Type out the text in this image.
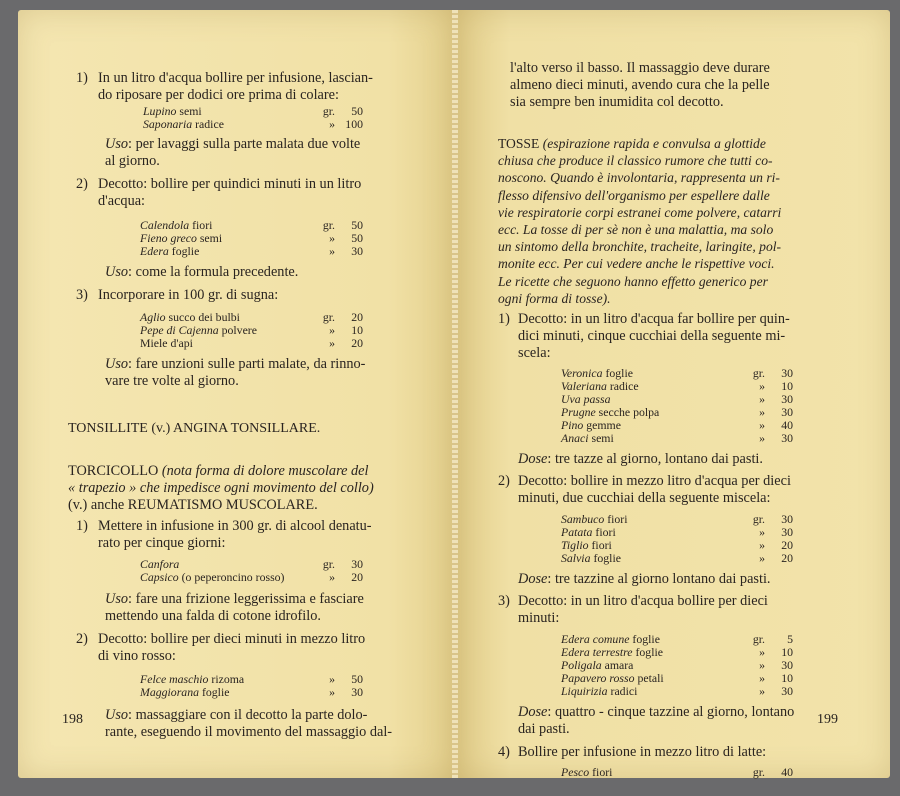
1) In un litro d'acqua bollire per infusione, lascian-

do riposare per dodici ore prima di colare:

Lupino semi	gr. 50
Saponaria radice	» 100

Uso: per lavaggi sulla parte malata due volte

al giorno.

2) Decotto: bollire per quindici minuti in un litro

d'acqua:

Calendola fiori	gr. 50
Fieno greco semi	» 50
Edera foglie	» 30

Uso: come la formula precedente.

3) Incorporare in 100 gr. di sugna:

Aglio succo dei bulbi	gr. 20
Pepe di Cajenna polvere	» 10
Miele d'api	» 20

Uso: fare unzioni sulle parti malate, da rinno-

vare tre volte al giorno.

TONSILLITE (v.) ANGINA TONSILLARE.

TORCICOLLO (nota forma di dolore muscolare del

« trapezio » che impedisce ogni movimento del collo)

(v.) anche REUMATISMO MUSCOLARE.

1) Mettere in infusione in 300 gr. di alcool denatu-

rato per cinque giorni:

Canfora	gr. 30
Capsico (o peperoncino rosso)	» 20

Uso: fare una frizione leggerissima e fasciare

mettendo una falda di cotone idrofilo.

2) Decotto: bollire per dieci minuti in mezzo litro

di vino rosso:

Felce maschio rizoma	» 50
Maggiorana foglie	» 30

Uso: massaggiare con il decotto la parte dolo-

rante, eseguendo il movimento del massaggio dal-

198

l'alto verso il basso. Il massaggio deve durare

almeno dieci minuti, avendo cura che la pelle

sia sempre ben inumidita col decotto.

TOSSE (espirazione rapida e convulsa a glottide

chiusa che produce il classico rumore che tutti co-

noscono. Quando è involontaria, rappresenta un ri-

flesso difensivo dell'organismo per espellere dalle

vie respiratorie corpi estranei come polvere, catarri

ecc. La tosse di per sè non è una malattia, ma solo

un sintomo della bronchite, tracheite, laringite, pol-

monite ecc. Per cui vedere anche le rispettive voci.

Le ricette che seguono hanno effetto generico per

ogni forma di tosse).

1) Decotto: in un litro d'acqua far bollire per quin-

dici minuti, cinque cucchiai della seguente mi-

scela:

Veronica foglie	gr. 30
Valeriana radice	» 10
Uva passa	» 30
Prugne secche polpa	» 30
Pino gemme	» 40
Anaci semi	» 30

Dose: tre tazze al giorno, lontano dai pasti.

2) Decotto: bollire in mezzo litro d'acqua per dieci

minuti, due cucchiai della seguente miscela:

Sambuco fiori	gr. 30
Patata fiori	» 30
Tiglio fiori	» 20
Salvia foglie	» 20

Dose: tre tazzine al giorno lontano dai pasti.

3) Decotto: in un litro d'acqua bollire per dieci

minuti:

Edera comune foglie	gr. 5
Edera terrestre foglie	» 10
Poligala amara	» 30
Papavero rosso petali	» 10
Liquirizia radici	» 30

Dose: quattro - cinque tazzine al giorno, lontano

dai pasti.

4) Bollire per infusione in mezzo litro di latte:

Pesco fiori	gr. 40
199
